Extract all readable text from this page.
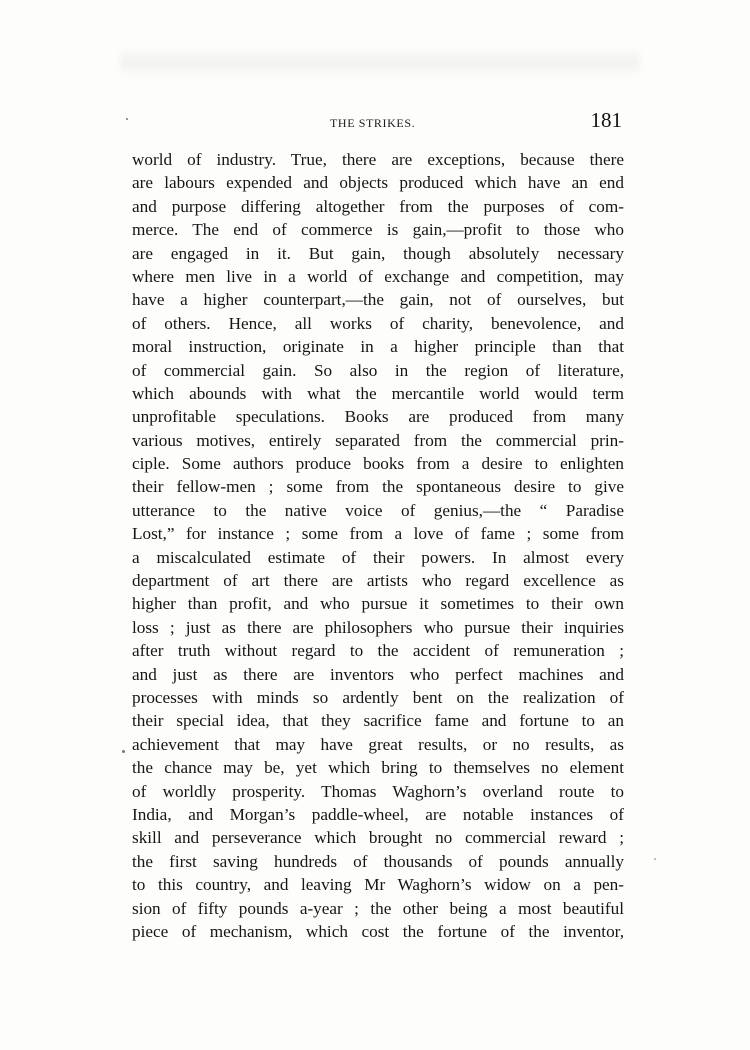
THE STRIKES.	181
world of industry. True, there are exceptions, because there
are labours expended and objects produced which have an end
and purpose differing altogether from the purposes of com-
merce. The end of commerce is gain,—profit to those who
are engaged in it. But gain, though absolutely necessary
where men live in a world of exchange and competition, may
have a higher counterpart,—the gain, not of ourselves, but
of others. Hence, all works of charity, benevolence, and
moral instruction, originate in a higher principle than that
of commercial gain. So also in the region of literature,
which abounds with what the mercantile world would term
unprofitable speculations. Books are produced from many
various motives, entirely separated from the commercial prin-
ciple. Some authors produce books from a desire to enlighten
their fellow-men ; some from the spontaneous desire to give
utterance to the native voice of genius,—the “ Paradise
Lost,” for instance ; some from a love of fame ; some from
a miscalculated estimate of their powers. In almost every
department of art there are artists who regard excellence as
higher than profit, and who pursue it sometimes to their own
loss ; just as there are philosophers who pursue their inquiries
after truth without regard to the accident of remuneration ;
and just as there are inventors who perfect machines and
processes with minds so ardently bent on the realization of
their special idea, that they sacrifice fame and fortune to an
achievement that may have great results, or no results, as
the chance may be, yet which bring to themselves no element
of worldly prosperity. Thomas Waghorn’s overland route to
India, and Morgan’s paddle-wheel, are notable instances of
skill and perseverance which brought no commercial reward ;
the first saving hundreds of thousands of pounds annually
to this country, and leaving Mr Waghorn’s widow on a pen-
sion of fifty pounds a-year ; the other being a most beautiful
piece of mechanism, which cost the fortune of the inventor,
